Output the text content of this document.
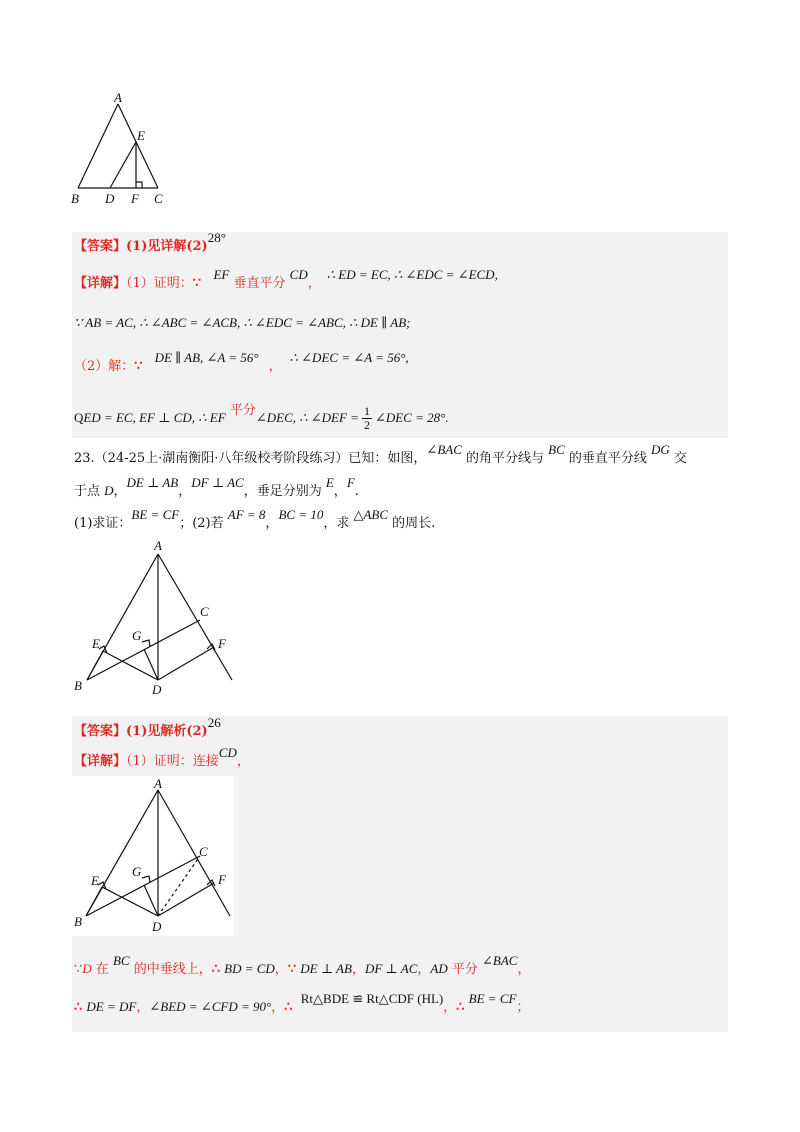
A
E
B D F C
【答案】(1)见详解(2)28°
【详解】（1）证明：∵   EF 垂直平分 CD，∴ ED = EC, ∴ ∠EDC = ∠ECD,
∵ AB = AC, ∴ ∠ABC = ∠ACB, ∴ ∠EDC = ∠ABC, ∴ DE ∥ AB;
（2）解：∵DE ∥ AB, ∠A = 56°，∴ ∠DEC = ∠A = 56°,
QED = EC, EF ⊥ CD, ∴ EF 平分∠DEC, ∴ ∠DEF = $\frac{1}{2}$ ∠DEC = 28°.
23.（24-25上·湖南衡阳·八年级校考阶段练习）已知：如图，∠BAC 的角平分线与 BC 的垂直平分线 DG 交
于点 D，DE ⊥ AB，DF ⊥ AC，垂足分别为 E，F.
(1)求证：BE = CF；(2)若 AF = 8，BC = 10，求 △ABC 的周长.
A
C
E
G
F
B	D
【答案】(1)见解析(2)26
【详解】（1）证明：连接CD，
A
C
E
G
F
B	D
∵D 在 BC 的中垂线上，∴ BD = CD，∵ DE ⊥ AB，DF ⊥ AC，AD 平分 ∠BAC，
∴ DE = DF，∠BED = ∠CFD = 90°，∴  Rt△BDE ≌ Rt△CDF (HL)，∴ BE = CF；
